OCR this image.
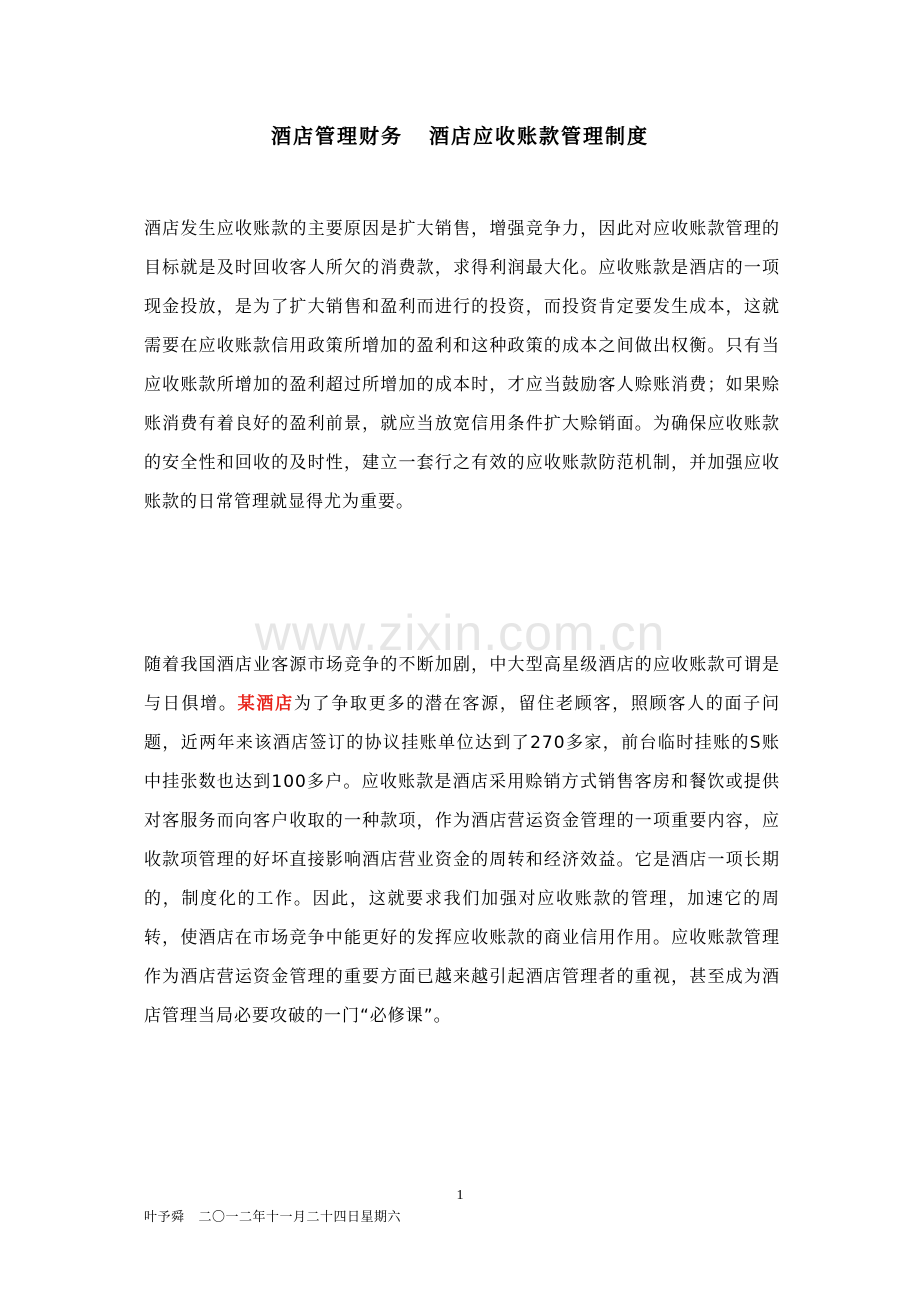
酒店管理财务 酒店应收账款管理制度

酒店发生应收账款的主要原因是扩大销售，增强竞争力，因此对应收账款管理的目标就是及时回收客人所欠的消费款，求得利润最大化。应收账款是酒店的一项现金投放，是为了扩大销售和盈利而进行的投资，而投资肯定要发生成本，这就需要在应收账款信用政策所增加的盈利和这种政策的成本之间做出权衡。只有当应收账款所增加的盈利超过所增加的成本时，才应当鼓励客人赊账消费；如果赊账消费有着良好的盈利前景，就应当放宽信用条件扩大赊销面。为确保应收账款的安全性和回收的及时性，建立一套行之有效的应收账款防范机制，并加强应收账款的日常管理就显得尤为重要。

www.zixin.com.cn

随着我国酒店业客源市场竞争的不断加剧，中大型高星级酒店的应收账款可谓是与日俱增。某酒店为了争取更多的潜在客源，留住老顾客，照顾客人的面子问题，近两年来该酒店签订的协议挂账单位达到了270多家，前台临时挂账的S账中挂张数也达到100多户。应收账款是酒店采用赊销方式销售客房和餐饮或提供对客服务而向客户收取的一种款项，作为酒店营运资金管理的一项重要内容，应收款项管理的好坏直接影响酒店营业资金的周转和经济效益。它是酒店一项长期的，制度化的工作。因此，这就要求我们加强对应收账款的管理，加速它的周转，使酒店在市场竞争中能更好的发挥应收账款的商业信用作用。应收账款管理作为酒店营运资金管理的重要方面已越来越引起酒店管理者的重视，甚至成为酒店管理当局必要攻破的一门“必修课”。

1
叶予舜 二〇一二年十一月二十四日星期六
